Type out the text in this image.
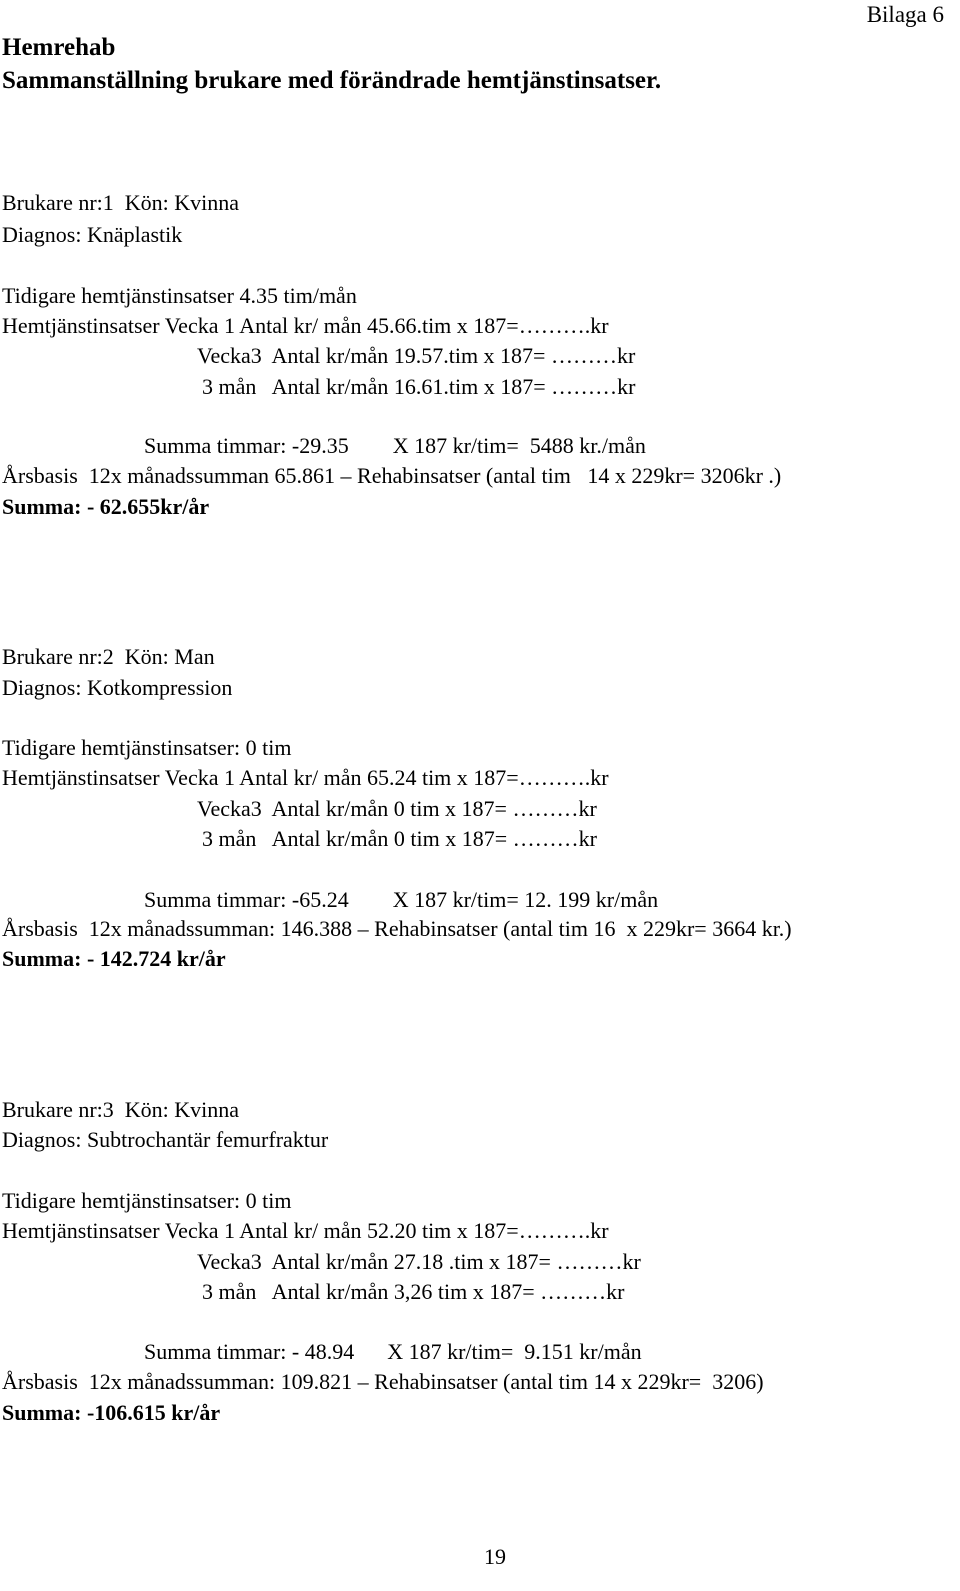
Bilaga 6
Hemrehab
Sammanställning brukare med förändrade hemtjänstinsatser.
Brukare nr:1  Kön: Kvinna
Diagnos: Knäplastik
Tidigare hemtjänstinsatser 4.35 tim/mån
Hemtjänstinsatser Vecka 1 Antal kr/ mån 45.66.tim x 187=……….kr
Vecka3  Antal kr/mån 19.57.tim x 187= ………kr
3 mån   Antal kr/mån 16.61.tim x 187= ………kr
Summa timmar: -29.35        X 187 kr/tim=  5488 kr./mån
Årsbasis  12x månadssumman 65.861 – Rehabinsatser (antal tim   14 x 229kr= 3206kr .)
Summa: - 62.655kr/år
Brukare nr:2  Kön: Man
Diagnos: Kotkompression
Tidigare hemtjänstinsatser: 0 tim
Hemtjänstinsatser Vecka 1 Antal kr/ mån 65.24 tim x 187=……….kr
Vecka3  Antal kr/mån 0 tim x 187= ………kr
3 mån   Antal kr/mån 0 tim x 187= ………kr
Summa timmar: -65.24        X 187 kr/tim= 12. 199 kr/mån
Årsbasis  12x månadssumman: 146.388 – Rehabinsatser (antal tim 16  x 229kr= 3664 kr.)
Summa: - 142.724 kr/år
Brukare nr:3  Kön: Kvinna
Diagnos: Subtrochantär femurfraktur
Tidigare hemtjänstinsatser: 0 tim
Hemtjänstinsatser Vecka 1 Antal kr/ mån 52.20 tim x 187=……….kr
Vecka3  Antal kr/mån 27.18 .tim x 187= ………kr
3 mån   Antal kr/mån 3,26 tim x 187= ………kr
Summa timmar: - 48.94      X 187 kr/tim=  9.151 kr/mån
Årsbasis  12x månadssumman: 109.821 – Rehabinsatser (antal tim 14 x 229kr=  3206)
Summa: -106.615 kr/år
19
